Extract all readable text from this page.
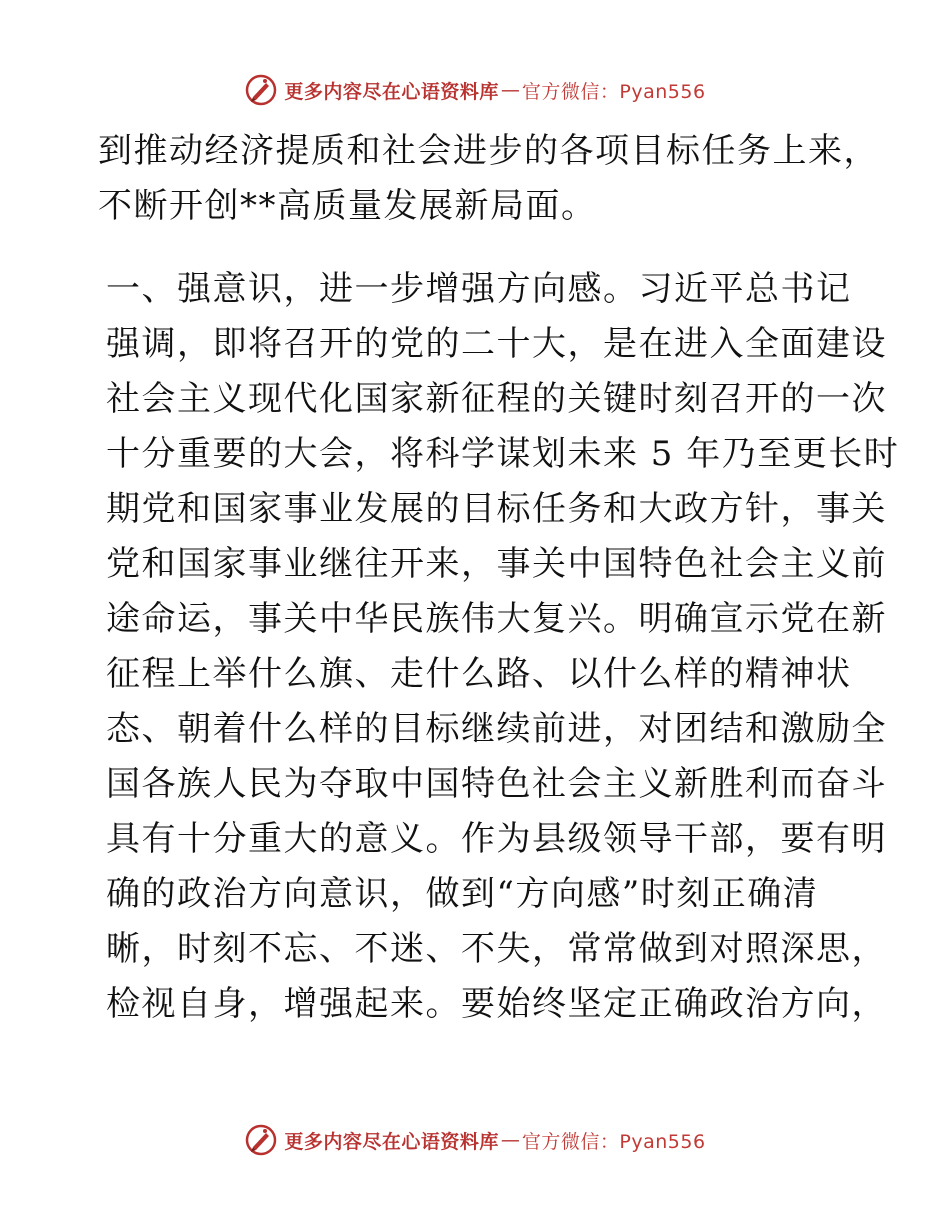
更多内容尽在心语资料库 — 官方微信：Pyan556

到推动经济提质和社会进步的各项目标任务上来，
不断开创**高质量发展新局面。

一、强意识，进一步增强方向感。习近平总书记
强调，即将召开的党的二十大，是在进入全面建设
社会主义现代化国家新征程的关键时刻召开的一次
十分重要的大会，将科学谋划未来 5 年乃至更长时
期党和国家事业发展的目标任务和大政方针，事关
党和国家事业继往开来，事关中国特色社会主义前
途命运，事关中华民族伟大复兴。明确宣示党在新
征程上举什么旗、走什么路、以什么样的精神状
态、朝着什么样的目标继续前进，对团结和激励全
国各族人民为夺取中国特色社会主义新胜利而奋斗
具有十分重大的意义。作为县级领导干部，要有明
确的政治方向意识，做到“方向感”时刻正确清
晰，时刻不忘、不迷、不失，常常做到对照深思，
检视自身，增强起来。要始终坚定正确政治方向，

更多内容尽在心语资料库 — 官方微信：Pyan556
